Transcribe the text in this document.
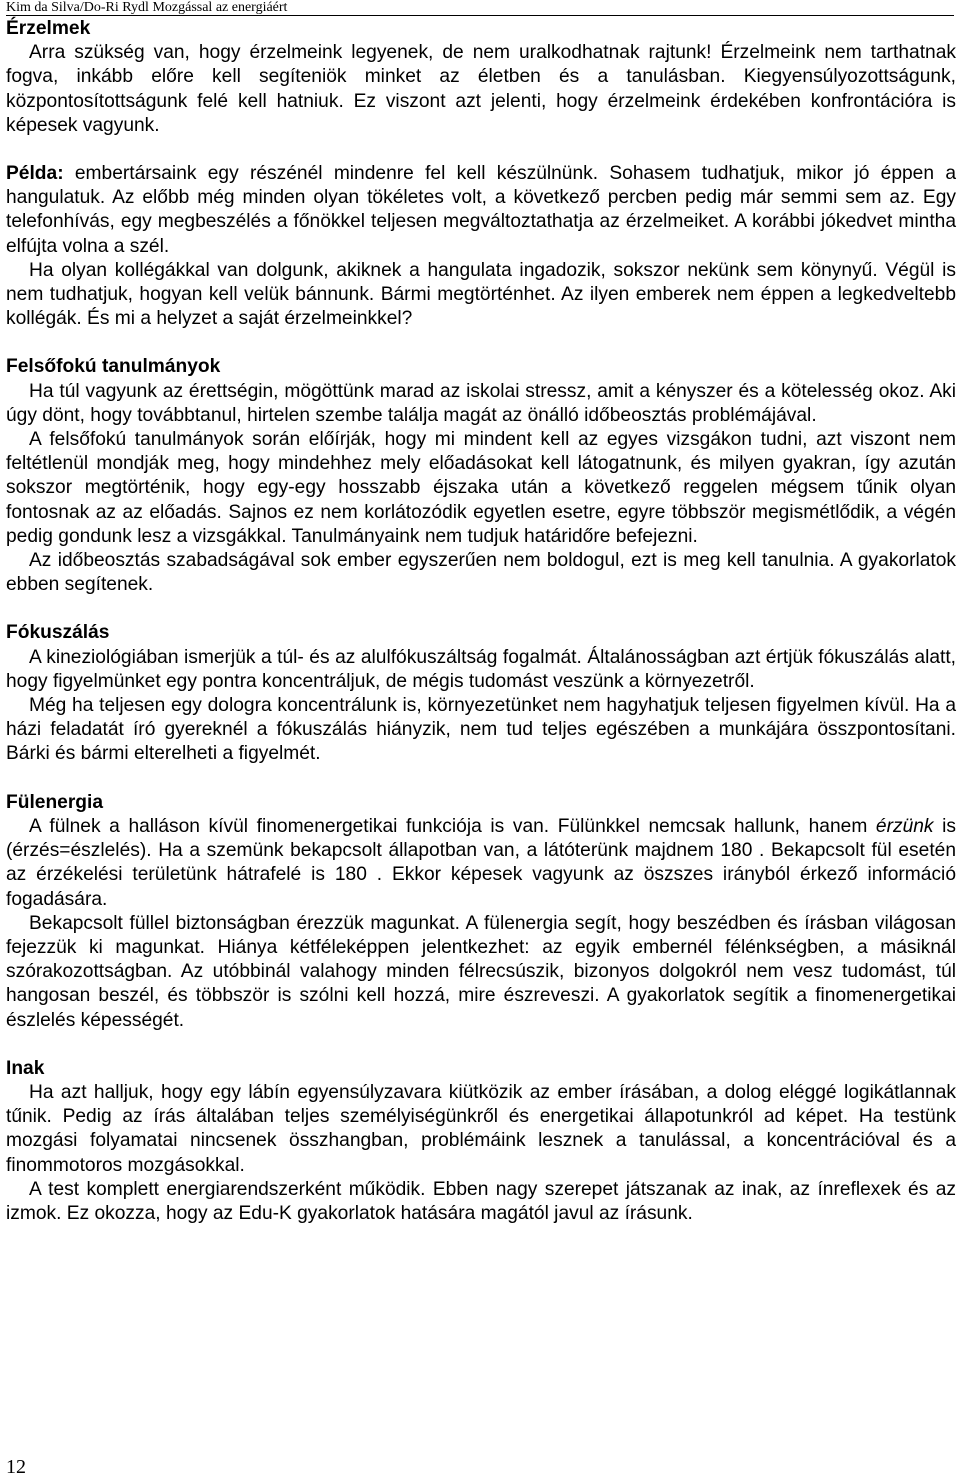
Kim da Silva/Do-Ri Rydl Mozgással az energiáért
Érzelmek

Arra szükség van, hogy érzelmeink legyenek, de nem uralkodhatnak rajtunk! Érzelmeink nem tarthatnak fogva, inkább előre kell segíteniök minket az életben és a tanulásban. Kiegyensúlyozottságunk, központosítottságunk felé kell hatniuk. Ez viszont azt jelenti, hogy érzelmeink érdekében konfrontációra is képesek vagyunk.

Példa: embertársaink egy részénél mindenre fel kell készülnünk. Sohasem tudhatjuk, mikor jó éppen a hangulatuk. Az előbb még minden olyan tökéletes volt, a következő percben pedig már semmi sem az. Egy telefonhívás, egy megbeszélés a főnökkel teljesen megváltoztathatja az érzelmeiket. A korábbi jókedvet mintha elfújta volna a szél.

Ha olyan kollégákkal van dolgunk, akiknek a hangulata ingadozik, sokszor nekünk sem könynyű. Végül is nem tudhatjuk, hogyan kell velük bánnunk. Bármi megtörténhet. Az ilyen emberek nem éppen a legkedveltebb kollégák. És mi a helyzet a saját érzelmeinkkel?

Felsőfokú tanulmányok

Ha túl vagyunk az érettségin, mögöttünk marad az iskolai stressz, amit a kényszer és a kötelesség okoz. Aki úgy dönt, hogy továbbtanul, hirtelen szembe találja magát az önálló időbeosztás problémájával.

A felsőfokú tanulmányok során előírják, hogy mi mindent kell az egyes vizsgákon tudni, azt viszont nem feltétlenül mondják meg, hogy mindehhez mely előadásokat kell látogatnunk, és milyen gyakran, így azután sokszor megtörténik, hogy egy-egy hosszabb éjszaka után a következő reggelen mégsem tűnik olyan fontosnak az az előadás. Sajnos ez nem korlátozódik egyetlen esetre, egyre többször megismétlődik, a végén pedig gondunk lesz a vizsgákkal. Tanulmányaink nem tudjuk határidőre befejezni.

Az időbeosztás szabadságával sok ember egyszerűen nem boldogul, ezt is meg kell tanulnia. A gyakorlatok ebben segítenek.

Fókuszálás

A kineziológiában ismerjük a túl- és az alulfókuszáltság fogalmát. Általánosságban azt értjük fókuszálás alatt, hogy figyelmünket egy pontra koncentráljuk, de mégis tudomást veszünk a környezetről.

Még ha teljesen egy dologra koncentrálunk is, környezetünket nem hagyhatjuk teljesen figyelmen kívül. Ha a házi feladatát író gyereknél a fókuszálás hiányzik, nem tud teljes egészében a munkájára összpontosítani. Bárki és bármi elterelheti a figyelmét.

Fülenergia

A fülnek a halláson kívül finomenergetikai funkciója is van. Fülünkkel nemcsak hallunk, hanem érzünk is (érzés=észlelés). Ha a szemünk bekapcsolt állapotban van, a látóterünk majdnem 180 . Bekapcsolt fül esetén az érzékelési területünk hátrafelé is 180 . Ekkor képesek vagyunk az öszszes irányból érkező információ fogadására.

Bekapcsolt füllel biztonságban érezzük magunkat. A fülenergia segít, hogy beszédben és írásban világosan fejezzük ki magunkat. Hiánya kétféleképpen jelentkezhet: az egyik embernél félénkségben, a másiknál szórakozottságban. Az utóbbinál valahogy minden félrecsúszik, bizonyos dolgokról nem vesz tudomást, túl hangosan beszél, és többször is szólni kell hozzá, mire észreveszi. A gyakorlatok segítik a finomenergetikai észlelés képességét.

Inak

Ha azt halljuk, hogy egy lábín egyensúlyzavara kiütközik az ember írásában, a dolog eléggé logikátlannak tűnik. Pedig az írás általában teljes személyiségünkről és energetikai állapotunkról ad képet. Ha testünk mozgási folyamatai nincsenek összhangban, problémáink lesznek a tanulással, a koncentrációval és a finommotoros mozgásokkal.

A test komplett energiarendszerként működik. Ebben nagy szerepet játszanak az inak, az ínreflexek és az izmok. Ez okozza, hogy az Edu-K gyakorlatok hatására magától javul az írásunk.

12
